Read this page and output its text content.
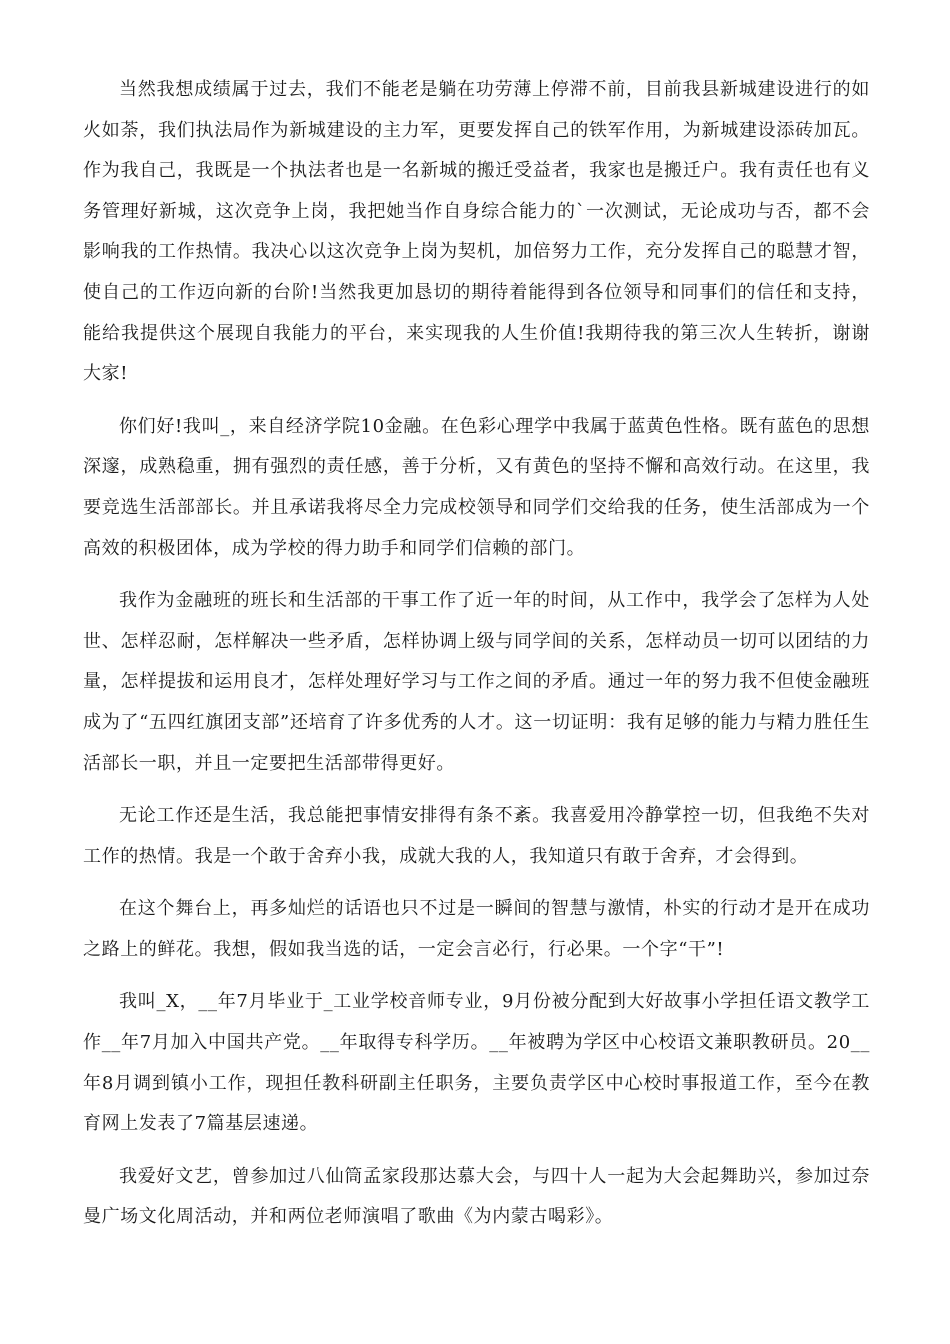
当然我想成绩属于过去，我们不能老是躺在功劳薄上停滞不前，目前我县新城建设进行的如火如荼，我们执法局作为新城建设的主力军，更要发挥自己的铁军作用，为新城建设添砖加瓦。作为我自己，我既是一个执法者也是一名新城的搬迁受益者，我家也是搬迁户。我有责任也有义务管理好新城，这次竞争上岗，我把她当作自身综合能力的`一次测试，无论成功与否，都不会影响我的工作热情。我决心以这次竞争上岗为契机，加倍努力工作，充分发挥自己的聪慧才智，使自己的工作迈向新的台阶!当然我更加恳切的期待着能得到各位领导和同事们的信任和支持，能给我提供这个展现自我能力的平台，来实现我的人生价值!我期待我的第三次人生转折，谢谢大家!

你们好!我叫_，来自经济学院10金融。在色彩心理学中我属于蓝黄色性格。既有蓝色的思想深邃，成熟稳重，拥有强烈的责任感，善于分析，又有黄色的坚持不懈和高效行动。在这里，我要竞选生活部部长。并且承诺我将尽全力完成校领导和同学们交给我的任务，使生活部成为一个高效的积极团体，成为学校的得力助手和同学们信赖的部门。

我作为金融班的班长和生活部的干事工作了近一年的时间，从工作中，我学会了怎样为人处世、怎样忍耐，怎样解决一些矛盾，怎样协调上级与同学间的关系，怎样动员一切可以团结的力量，怎样提拔和运用良才，怎样处理好学习与工作之间的矛盾。通过一年的努力我不但使金融班成为了“五四红旗团支部”还培育了许多优秀的人才。这一切证明：我有足够的能力与精力胜任生活部长一职，并且一定要把生活部带得更好。

无论工作还是生活，我总能把事情安排得有条不紊。我喜爱用冷静掌控一切，但我绝不失对工作的热情。我是一个敢于舍弃小我，成就大我的人，我知道只有敢于舍弃，才会得到。

在这个舞台上，再多灿烂的话语也只不过是一瞬间的智慧与激情，朴实的行动才是开在成功之路上的鲜花。我想，假如我当选的话，一定会言必行，行必果。一个字“干”!

我叫_X，__年7月毕业于_工业学校音师专业，9月份被分配到大好故事小学担任语文教学工作__年7月加入中国共产党。__年取得专科学历。__年被聘为学区中心校语文兼职教研员。20__年8月调到镇小工作，现担任教科研副主任职务，主要负责学区中心校时事报道工作，至今在教育网上发表了7篇基层速递。

我爱好文艺，曾参加过八仙筒孟家段那达慕大会，与四十人一起为大会起舞助兴，参加过奈曼广场文化周活动，并和两位老师演唱了歌曲《为内蒙古喝彩》。
